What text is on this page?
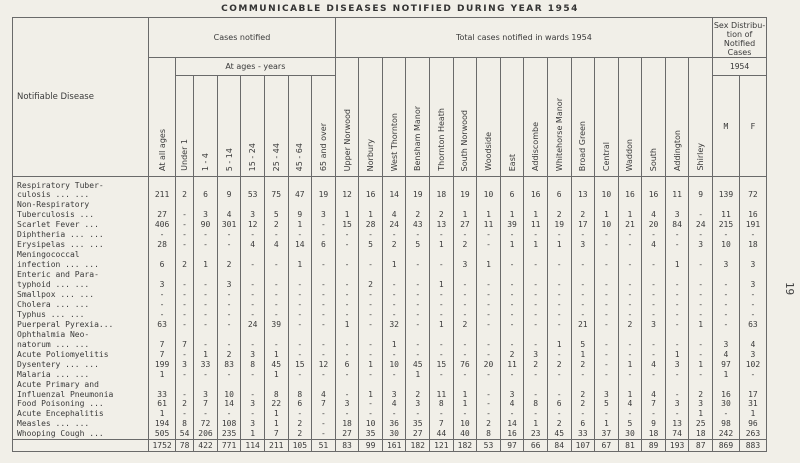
COMMUNICABLE DISEASES NOTIFIED DURING YEAR 1954
19
Notifiable Disease	Cases notified								Total cases notified in wards 1954																Sex Distribu- tion of Notified Cases	
	At all ages	At ages - years							Upper Norwood	Norbury	West Thornton	Bensham Manor	Thornton Heath	South Norwood	Woodside	East	Addiscombe	Whitehorse Manor	Broad Green	Central	Waddon	South	Addington	Shirley	1954	
		Under 1	1 - 4	5 - 14	15 - 24	25 - 44	45 - 64	65 and over																	M	F

Respiratory Tuber-
culosis ... ...	211	2	6	9	53	75	47	19	12	16	14	19	18	19	10	6	16	6	13	10	16	16	11	9	139	72

Non-Respiratory
Tuberculosis ...	27	-	3	4	3	5	9	3	1	1	4	2	2	1	1	1	1	2	2	1	1	4	3	-	11	16

Scarlet Fever ...	406	-	90	301	12	2	1	-	15	28	24	43	13	27	11	39	11	19	17	10	21	20	84	24	215	191

Diphtheria ... ...	-	-	-	-	-	-	-	-	-	-	-	-	-	-	-	-	-	-	-	-	-	-	-	-	-	-

Erysipelas ... ...	28	-	-	-	4	4	14	6	-	5	2	5	1	2	-	1	1	1	3	-	-	4	-	3	10	18

Meningococcal
infection ... ...	6	2	1	2	-	-	1	-	-	-	1	-	-	3	1	-	-	-	-	-	-	-	1	-	3	3

Enteric and Para-
typhoid ... ...	3	-	-	3	-	-	-	-	-	2	-	-	1	-	-	-	-	-	-	-	-	-	-	-	-	3

Smallpox ... ...	-	-	-	-	-	-	-	-	-	-	-	-	-	-	-	-	-	-	-	-	-	-	-	-	-	-

Cholera ... ...	-	-	-	-	-	-	-	-	-	-	-	-	-	-	-	-	-	-	-	-	-	-	-	-	-	-

Typhus ... ...	-	-	-	-	-	-	-	-	-	-	-	-	-	-	-	-	-	-	-	-	-	-	-	-	-	-

Puerperal Pyrexia...	63	-	-	-	24	39	-	-	1	-	32	-	1	2	-	-	-	-	21	-	2	3	-	1	-	63

Ophthalmia Neo-
natorum ... ...	7	7	-	-	-	-	-	-	-	-	1	-	-	-	-	-	-	1	5	-	-	-	-	-	3	4

Acute Poliomyelitis	7	-	1	2	3	1	-	-	-	-	-	-	-	-	-	2	3	-	1	-	-	-	1	-	4	3

Dysentery ... ...	199	3	33	83	8	45	15	12	6	1	10	45	15	76	20	11	2	2	2	-	1	4	3	1	97	102

Malaria ... ...	1	-	-	-	-	1	-	-	-	-	-	1	-	-	-	-	-	-	-	-	-	-	-	-	1	-

Acute Primary and
Influenzal Pneumonia	33	-	3	10	-	8	8	4	-	1	3	2	11	1	-	3	-	-	2	3	1	4	-	2	16	17

Food Poisoning ...	61	2	7	14	3	22	6	7	3	-	4	3	8	1	-	4	8	6	2	5	4	7	3	3	30	31

Acute Encephalitis	1	-	-	-	-	1	-	-	-	-	-	-	-	-	-	-	-	-	-	-	-	-	-	1	-	1

Measles ... ...	194	8	72	108	3	1	2	-	18	10	36	35	7	10	2	14	1	2	6	1	5	9	13	25	98	96

Whooping Cough ...	505	54	206	235	1	7	2	-	27	35	30	27	44	40	8	16	23	45	33	37	30	18	74	18	242	263
	1752	78	422	771	114	211	105	51	83	99	161	182	121	182	53	97	66	84	107	67	81	89	193	87	869	883
